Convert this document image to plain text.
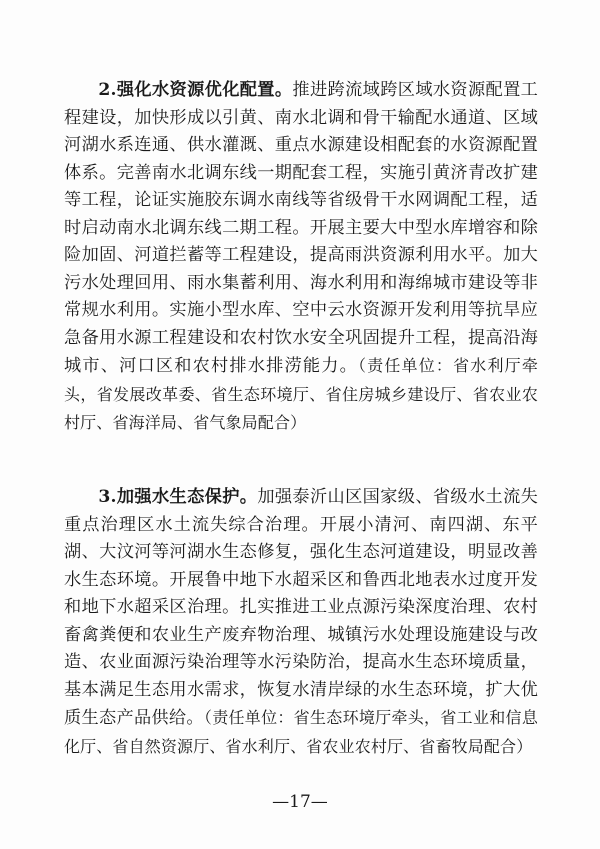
2.强化水资源优化配置。推进跨流域跨区域水资源配置工程建设，加快形成以引黄、南水北调和骨干输配水通道、区域河湖水系连通、供水灌溉、重点水源建设相配套的水资源配置体系。完善南水北调东线一期配套工程，实施引黄济青改扩建等工程，论证实施胶东调水南线等省级骨干水网调配工程，适时启动南水北调东线二期工程。开展主要大中型水库增容和除险加固、河道拦蓄等工程建设，提高雨洪资源利用水平。加大污水处理回用、雨水集蓄利用、海水利用和海绵城市建设等非常规水利用。实施小型水库、空中云水资源开发利用等抗旱应急备用水源工程建设和农村饮水安全巩固提升工程，提高沿海城市、河口区和农村排水排涝能力。（责任单位：省水利厅牵头，省发展改革委、省生态环境厅、省住房城乡建设厅、省农业农村厅、省海洋局、省气象局配合）

3.加强水生态保护。加强泰沂山区国家级、省级水土流失重点治理区水土流失综合治理。开展小清河、南四湖、东平湖、大汶河等河湖水生态修复，强化生态河道建设，明显改善水生态环境。开展鲁中地下水超采区和鲁西北地表水过度开发和地下水超采区治理。扎实推进工业点源污染深度治理、农村畜禽粪便和农业生产废弃物治理、城镇污水处理设施建设与改造、农业面源污染治理等水污染防治，提高水生态环境质量，基本满足生态用水需求，恢复水清岸绿的水生态环境，扩大优质生态产品供给。（责任单位：省生态环境厅牵头，省工业和信息化厅、省自然资源厅、省水利厅、省农业农村厅、省畜牧局配合）

—17—
